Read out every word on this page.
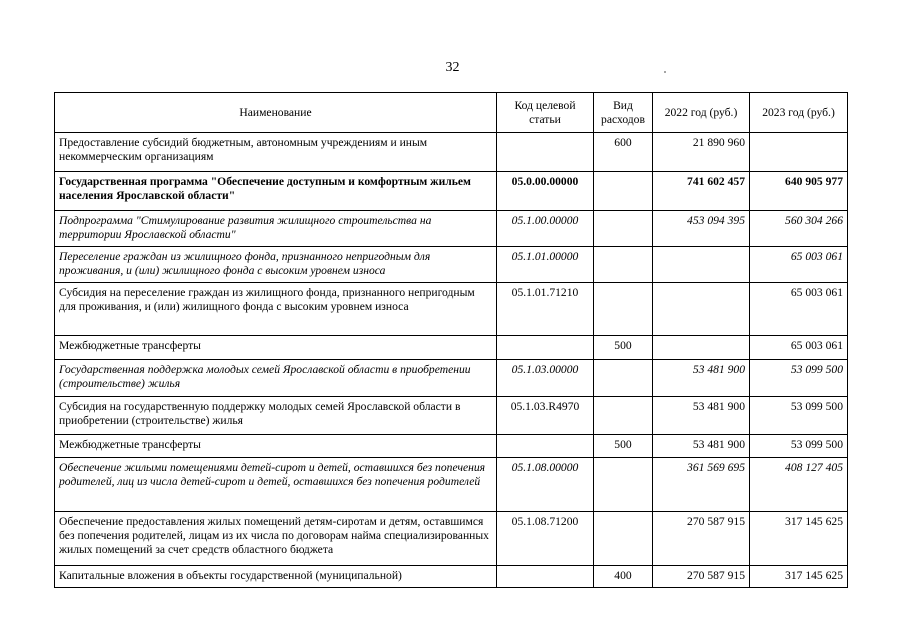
32
Наименование	Код целевой статьи	Вид расходов	2022 год (руб.)	2023 год (руб.)
Предоставление субсидий бюджетным, автономным учреждениям и иным некоммерческим организациям		600	21 890 960	
Государственная программа "Обеспечение доступным и комфортным жильем населения Ярославской области"	05.0.00.00000		741 602 457	640 905 977
Подпрограмма "Стимулирование развития жилищного строительства на территории Ярославской области"	05.1.00.00000		453 094 395	560 304 266
Переселение граждан из жилищного фонда, признанного непригодным для проживания, и (или) жилищного фонда с высоким уровнем износа	05.1.01.00000			65 003 061
Субсидия на переселение граждан из жилищного фонда, признанного непригодным для проживания, и (или) жилищного фонда с высоким уровнем износа	05.1.01.71210			65 003 061
Межбюджетные трансферты		500		65 003 061
Государственная поддержка молодых семей Ярославской области в приобретении (строительстве) жилья	05.1.03.00000		53 481 900	53 099 500
Субсидия на государственную поддержку молодых семей Ярославской области в приобретении (строительстве) жилья	05.1.03.R4970		53 481 900	53 099 500
Межбюджетные трансферты		500	53 481 900	53 099 500
Обеспечение жилыми помещениями детей-сирот и детей, оставшихся без попечения родителей, лиц из числа детей-сирот и детей, оставшихся без попечения родителей	05.1.08.00000		361 569 695	408 127 405
Обеспечение предоставления жилых помещений детям-сиротам и детям, оставшимся без попечения родителей, лицам из их числа по договорам найма специализированных жилых помещений за счет средств областного бюджета	05.1.08.71200		270 587 915	317 145 625
Капитальные вложения в объекты государственной (муниципальной)		400	270 587 915	317 145 625
